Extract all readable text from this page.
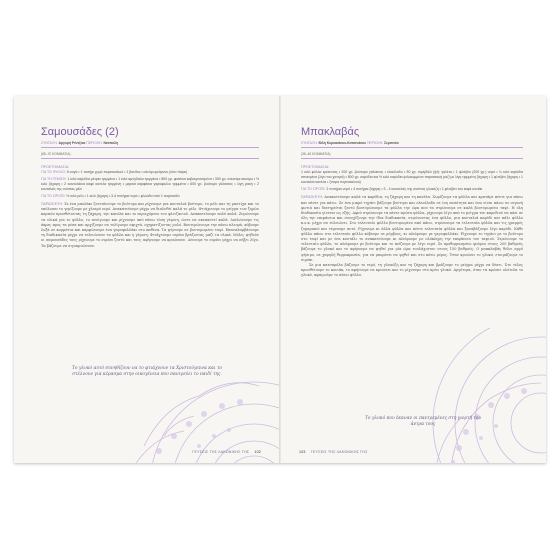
Σαμουσάδες (2)
ΣΥΝΤΑΞΗ: Αργυρή Ρέντζικα ΠΕΡΙΟΧΗ: Νεάπολη
(65–70 ΚΟΜΜΑΤΙΑ)
ΠΡΟΕΤΟΙΜΑΣΙΑ:

ΓΙΑ ΤΟ ΦΥΛΛΟ: 5 αυγά • 1 ποτήρι χυμό πορτοκαλιού • 1 βανίλια • αλεύρι φούρνου (όσο πάρει)

ΓΙΑ ΤΗ ΓΕΜΙΣΗ: 1 κιλό καρύδια μέτρια τριμμένα • 1 κιλό αμύγδαλα τριμμένα • 800 γρ. φιστίκια καβουρντισμένα • 300 γρ. σουσάμι ακούρο • ½ κιλό ζάχαρη • 2 κουταλάκια καφέ κανέλα τριμμένη • μερικά καρφάκια γαρύφαλλο τριμμένα • 600 γρ. βούτυρο γάλακτος • λίγη ρακή • 2 κουταλιές της σούπας μέλι

ΓΙΑ ΤΟ ΣΙΡΟΠΙ: ½ κιλό μέλι • 1 κιλό ζάχαρη • 3-4 ποτήρια νερό • φλούδα από 1 πορτοκάλι

ΠΑΡΑΣΚΕΥΗ: Σε ένα μπολάκι ζεσταίνουμε το βούτυρο και ρίχνουμε μια κουταλιά βούτυρο, το μέλι και τη μαστίχα και το υπόλοιπο το γεμίζουμε με χλιαρό νερό. Ανακατεύουμε μέχρι να διαλυθεί καλά το μέλι. Φτιάχνουμε το μείγμα των ξηρών καρπών προσθέτοντας τη ζάχαρη, την κανέλα και το περιεχόμενο του φλιτζανιού. Ανακατεύουμε πολύ καλά. Ζυμώνουμε τα υλικά για το φύλλο, το ανοίγουμε και ρίχνουμε από πάνω τόση γέμιση, ώστε να σκεπαστεί καλά. Διπλώνουμε τις άκρες προς τα μέσα και αρχίζουμε να τυλίγουμε σφιχτά, σχηματίζοντας ρολό. Βουτυρώνουμε την πάνω πλευρά, κόβουμε λοξά σε κομμάτια και καρφώνουμε ένα γαρυφαλλάκι στο καθένα. Τα ψήνουμε σε βουτυρωμένο ταψί. Επαναλαμβάνουμε τη διαδικασία μέχρι να τελειώσουν τα φύλλα και η γέμιση. Φτιάχνουμε σιρόπι βράζοντας μαζί τα υλικά. Μόλις ψηθούν οι σαμουσάδες τους ρίχνουμε το σιρόπι ζεστό και τους αφήνουμε να κρυώσουν. Δένουμε το σιρόπι μέχρι να πήξει λίγο. Τα βάζουμε να σιγοκρυώσουν.

Το γλυκό αυτό συνηθίζουν να το φτιάχνουν τα Χριστούγεννα και το στέλνουν για κέρασμα στην οικογένεια που παντρεύει το παιδί της.
ΓΕΥΣΕΙΣ ΤΗΣ ΛΑΚΩΝΙΚΗΣ ΓΗΣ 102
Μπακλαβάς
ΣΥΝΤΑΞΗ: Βιλη Κυριακάκου-Κατσινάκου ΠΕΡΙΟΧΗ: Σερσινέα
(35–40 ΚΟΜΜΑΤΙΑ)
ΠΡΟΕΤΟΙΜΑΣΙΑ:

1 κιλό φύλλα κρούστας • 200 γρ. βούτυρο γάλακτος • ελαιόλαδο • 50 γρ. σιμιγδάλι (ή/ή: γαλέτα • 1 φλιτζάνι (200 γρ.) νερό • ¼ κιλό καρύδια σπασμένα (λίγο πιο χοντρά) • 800 γρ. καρύδια και ½ κιλό καρύδια ψιλοκομμένα παρασκευή μαζί με λίγη τριμμένη ζάχαρη • 1 φλιτζάνι ζάχαρη • 1 κουταλιά κανέλα • ξύσμα πορτοκαλιού)

ΓΙΑ ΤΟ ΣΙΡΟΠΙ: 2 ποτήρια νερό • 4 ποτήρια ζάχαρη • 3 - 4 κουταλιές της σούπας γλυκόζη • 1 φλιτζάνι του καφέ κονιάκ

ΠΑΡΑΣΚΕΥΗ: Ανακατεύουμε καλά τα καρύδια, τη ζάχαρη και τη κανέλα. Χωρίζουμε τα φύλλα και κρατάμε πέντε για πάνω και πέντε για κάτω. Σε ένα μικρό τηγάνι βάζουμε βούτυρο και ελαιόλαδο σε ίση ποσότητα και όσο είναι πάνω σε σιγανή φωτιά και διατηρείται ζεστό βουτυρώνουμε τα φύλλα την ώρα που τα στρώνουμε σε καλά βουτυρωμένο ταψί. Η όλη διαδικασία γίνεται ως εξής: Αφού στρώσουμε τα πέντε πρώτα φύλλα, ρίχνουμε λίγο από το μείγμα του καρυδιού να πάει σε όλη την επιφάνεια και συνεχίζουμε την ίδια διαδικασία, στρώνοντας ένα φύλλο, μια κουταλιά καρύδι και πάλι φύλλο κ.ο.κ. μέχρι να τελειώσει. Στο τελευταίο φύλλο βουτυρωμένο από πάνω, στρώνουμε τα τελευταία φύλλα και τις γραμμές ζυμαρικού και τέμνουμε αυτό. Ρίχνουμε κι άλλα φύλλα και πέντε τελευταία φύλλα και ξαναβάζουμε λίγο καρύδι. Κάθε φύλλο πάνω στο τελευταίο φύλλο κόβουμε σε ρόμβους, κι αλείφουμε με γαρυφαλλάκι. Ρίχνουμε το τηγάνι με το βούτυρο στο ταψί και με ένα κουτάλι το ανακατεύουμε κι αλείφουμε με ολόκληρη την επιφάνεια του ταψιού. Στρώνουμε το τελευταίο φύλλο, το αλείφουμε με βούτυρο και το πιέζουμε με λίγο νερό. Σε προθερμασμένο φούρνο στους 200 βαθμούς βάζουμε το γλυκό και το αφήνουμε να ψηθεί για μία ώρα τουλάχιστον στους 150 βαθμούς. Ο μπακλαβάς θέλει αργό ψήσιμο, σε χαμηλή θερμοκρασία, για να μπορέσει να ψηθεί και στο κάτω μέρος. Όταν κρυώσει το γλυκό, ετοιμάζουμε το σιρόπι.

Σε μια κατσαρόλα βάζουμε το νερό, τη γλυκόζη και τη ζάχαρη και βράζουμε το μείγμα μέχρι να δέσει. Στο τέλος προσθέτουμε το κονιάκ, το αφήνουμε να κρυώσει και το ρίχνουμε στο κρύο γλυκό. Αργότερα, όταν τα κρώσει ολότελα το γλυκό, αφαιρούμε το πάνω φύλλο.

Το γλυκό που έκαναν οι παντρεμένες στη γιορτή του άντρα τους
103 ΓΕΥΣΕΙΣ ΤΗΣ ΛΑΚΩΝΙΚΗΣ ΓΗΣ
